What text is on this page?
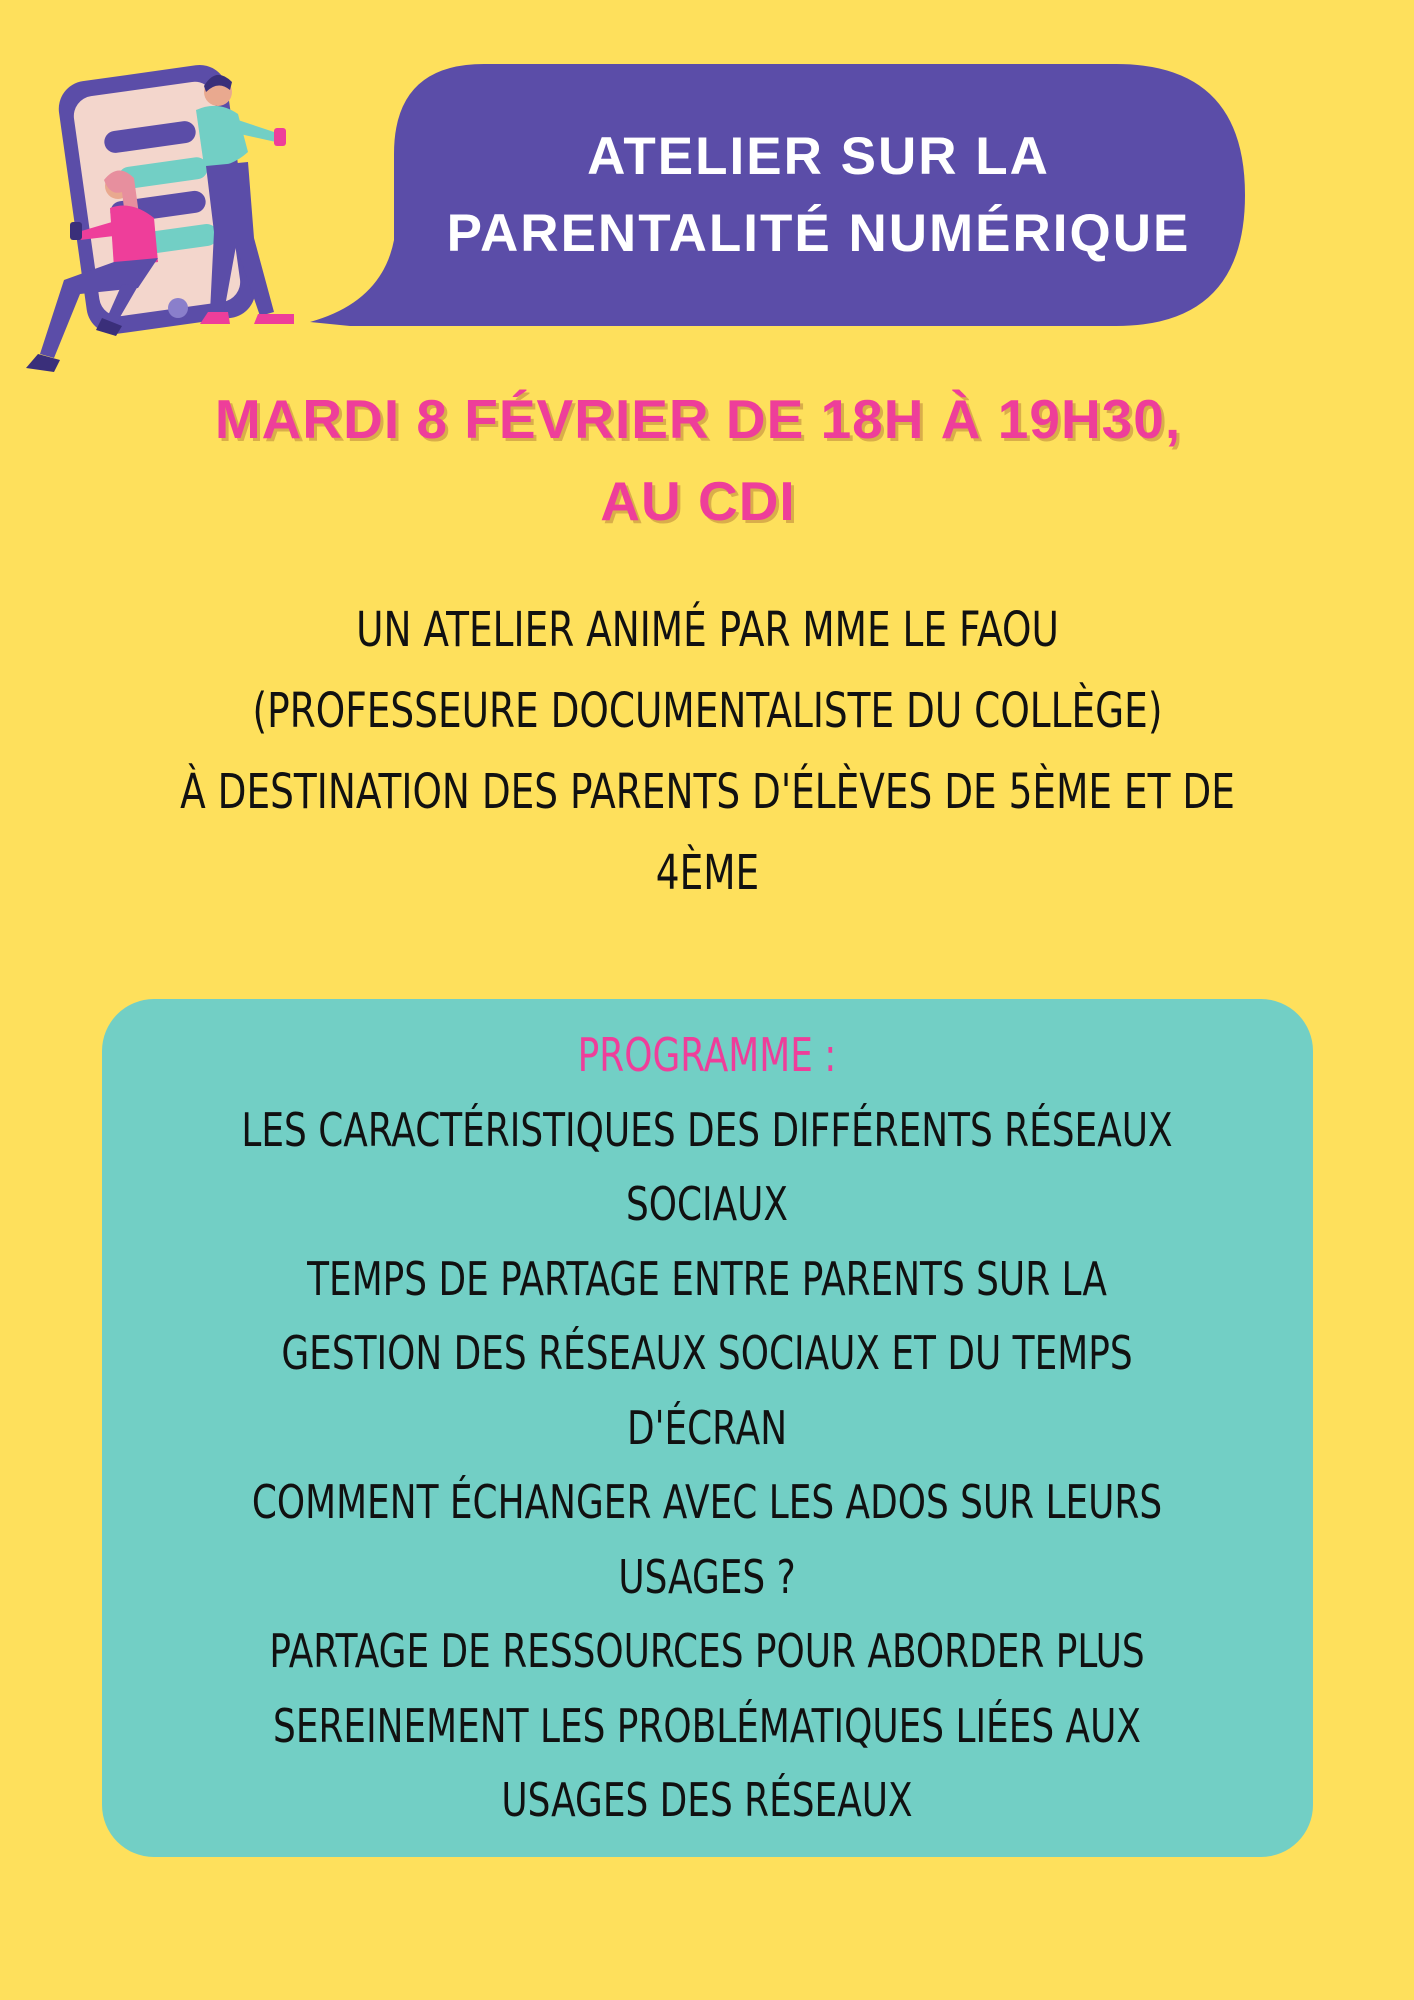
ATELIER SUR LA
PARENTALITÉ NUMÉRIQUE
MARDI 8 FÉVRIER DE 18H À 19H30,
AU CDI
UN ATELIER ANIMÉ PAR MME LE FAOU
(PROFESSEURE DOCUMENTALISTE DU COLLÈGE)
À DESTINATION DES PARENTS D'ÉLÈVES DE 5ÈME ET DE
4ÈME
PROGRAMME :
LES CARACTÉRISTIQUES DES DIFFÉRENTS RÉSEAUX
SOCIAUX
TEMPS DE PARTAGE ENTRE PARENTS SUR LA
GESTION DES RÉSEAUX SOCIAUX ET DU TEMPS
D'ÉCRAN
COMMENT ÉCHANGER AVEC LES ADOS SUR LEURS
USAGES ?
PARTAGE DE RESSOURCES POUR ABORDER PLUS
SEREINEMENT LES PROBLÉMATIQUES LIÉES AUX
USAGES DES RÉSEAUX
